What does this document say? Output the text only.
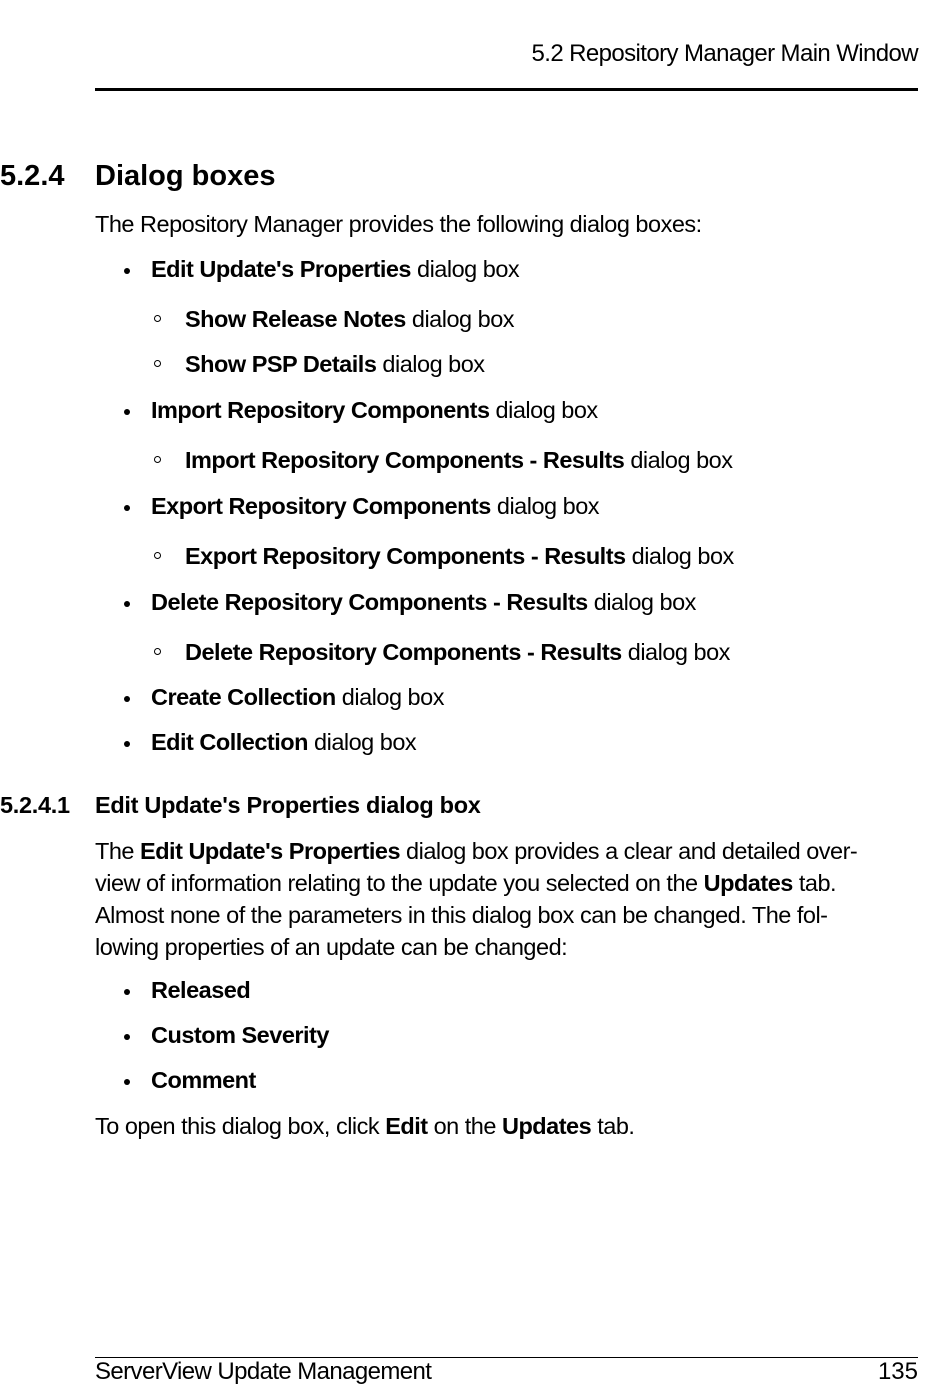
5.2 Repository Manager Main Window
5.2.4 Dialog boxes
The Repository Manager provides the following dialog boxes:
Edit Update's Properties dialog box
Show Release Notes dialog box
Show PSP Details dialog box
Import Repository Components dialog box
Import Repository Components - Results dialog box
Export Repository Components dialog box
Export Repository Components - Results dialog box
Delete Repository Components - Results dialog box
Delete Repository Components - Results dialog box
Create Collection dialog box
Edit Collection dialog box
5.2.4.1 Edit Update's Properties dialog box
The Edit Update's Properties dialog box provides a clear and detailed over-
view of information relating to the update you selected on the Updates tab.
Almost none of the parameters in this dialog box can be changed. The fol-
lowing properties of an update can be changed:
Released
Custom Severity
Comment
To open this dialog box, click Edit on the Updates tab.
ServerView Update Management	135
